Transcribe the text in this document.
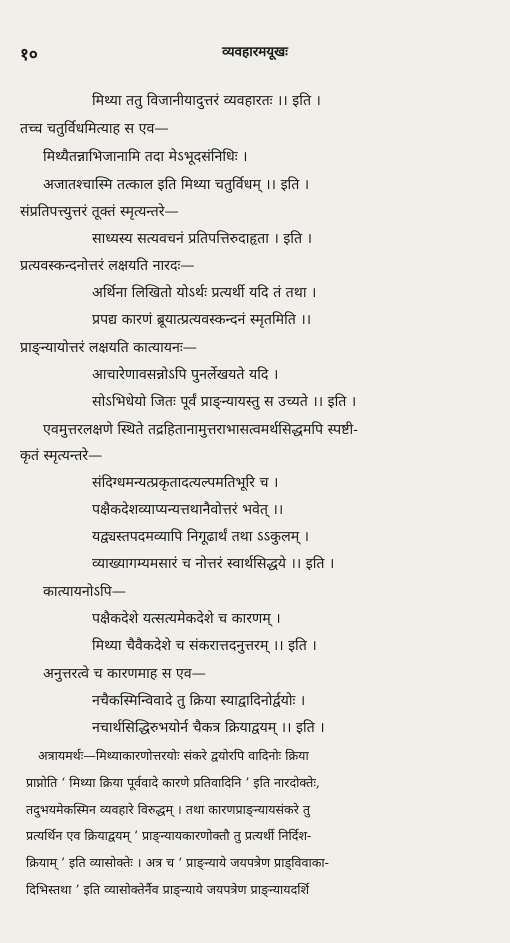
१०	व्यवहारमयूखः
मिथ्या ततु विजानीयादुत्तरं व्यवहारतः ।। इति ।
तच्च चतुर्विधमित्याह स एव—
मिथ्यैतन्नाभिजानामि तदा मेऽभूदसंनिधिः ।
अजातश्चास्मि तत्काल इति मिथ्या चतुर्विधम् ।। इति ।
संप्रतिपत्त्युत्तरं तूक्तं स्मृत्यन्तरे—
साध्यस्य सत्यवचनं प्रतिपत्तिरुदाहृता । इति ।
प्रत्यवस्कन्दनोत्तरं लक्षयति नारदः—
अर्थिना लिखितो योऽर्थः प्रत्यर्थी यदि तं तथा ।
प्रपद्य कारणं ब्रूयात्प्रत्यवस्कन्दनं स्मृतमिति ।।
प्राङ्न्यायोत्तरं लक्षयति कात्यायनः—
आचारेणावसन्नोऽपि पुनर्लेखयते यदि ।
सोऽभिधेयो जितः पूर्वं प्राङ्न्यायस्तु स उच्यते ।। इति ।
एवमुत्तरलक्षणे स्थिते तद्रहितानामुत्तराभासत्वमर्थसिद्धमपि स्पष्टी-
कृतं स्मृत्यन्तरे—
संदिग्धमन्यत्प्रकृतादत्यल्पमतिभूरि च ।
पक्षैकदेशव्याप्यन्यत्तथानैवोत्तरं भवेत् ।।
यद्व्यस्तपदमव्यापि निगूढार्थं तथा ऽऽकुलम् ।
व्याख्यागम्यमसारं च नोत्तरं स्वार्थसिद्धये ।। इति ।
कात्यायनोऽपि—
पक्षैकदेशे यत्सत्यमेकदेशे च कारणम् ।
मिथ्या चैवैकदेशे च संकरात्तदनुत्तरम् ।। इति ।
अनुत्तरत्वे च कारणमाह स एव—
नचैकस्मिन्विवादे तु क्रिया स्याद्वादिनोर्द्वयोः ।
नचार्थसिद्धिरुभयोर्न चैकत्र क्रियाद्वयम् ।। इति ।
अत्रायमर्थः—मिथ्याकारणोत्तरयोः संकरे द्वयोरपि वादिनोः क्रिया
प्राप्नोति ‘ मिथ्या क्रिया पूर्ववादे कारणे प्रतिवादिनि ’ इति नारदोक्तेः,
तदुभयमेकस्मिन व्यवहारे विरुद्धम् । तथा कारणप्राङ्न्यायसंकरे तु
प्रत्यर्थिन एव क्रियाद्वयम् ‘ प्राङ्न्यायकारणोक्तौ तु प्रत्यर्थी निर्दिश-
क्रियाम् ’ इति व्यासोक्तेः । अत्र च ‘ प्राङ्न्याये जयपत्रेण प्राड्विवाका-
दिभिस्तथा ’ इति व्यासोक्तेर्नैव प्राङ्न्याये जयपत्रेण प्राङ्न्यायदर्शि
